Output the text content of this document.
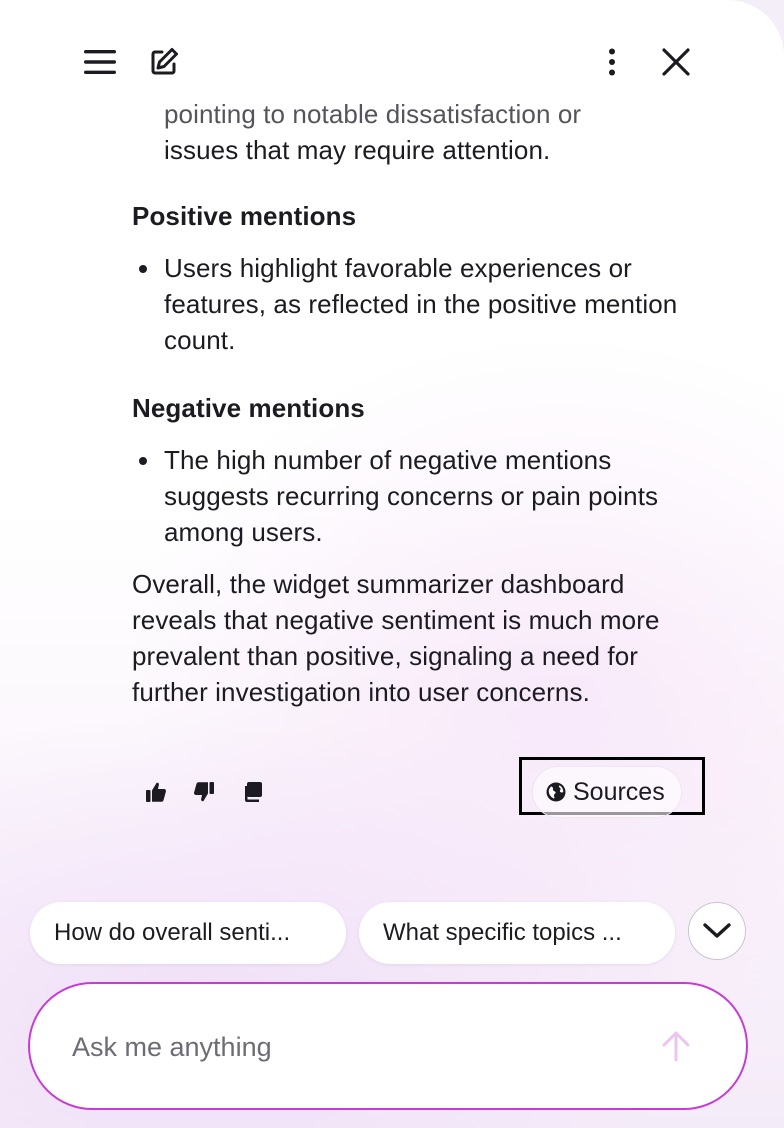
pointing to notable dissatisfaction or

issues that may require attention.

Positive mentions

Users highlight favorable experiences or features, as reflected in the positive mention count.

Negative mentions

The high number of negative mentions suggests recurring concerns or pain points among users.

Overall, the widget summarizer dashboard reveals that negative sentiment is much more prevalent than positive, signaling a need for further investigation into user concerns.

Sources
How do overall senti...	What specific topics ...
Ask me anything
